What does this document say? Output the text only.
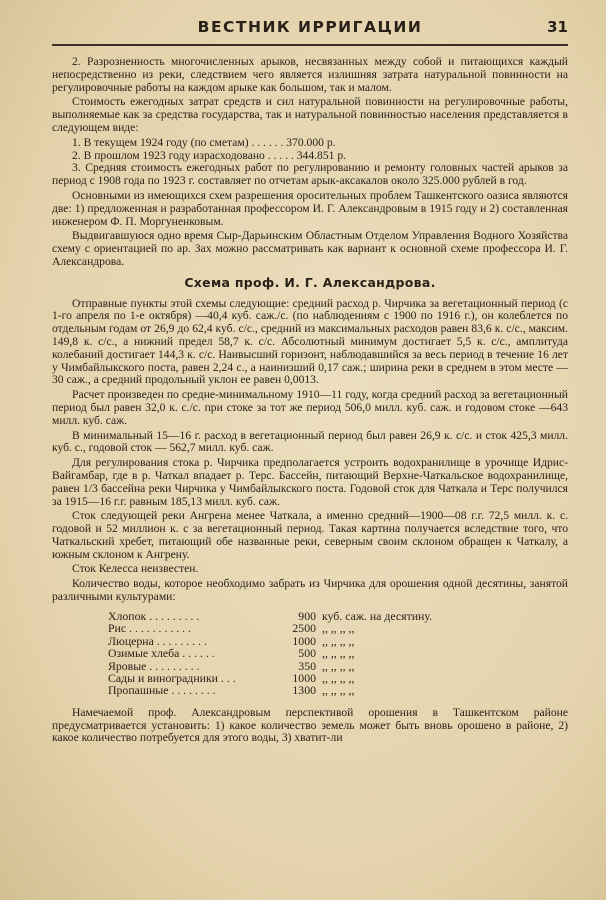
ВЕСТНИК ИРРИГАЦИИ	31

2. Разрозненность многочисленных арыков, несвязанных между собой и питающихся каждый непосредственно из реки, следствием чего является излишняя затрата натуральной повинности на регулировочные работы на каждом арыке как большом, так и малом.

Стоимость ежегодных затрат средств и сил натуральной повинности на регулировочные работы, выполняемые как за средства государства, так и натуральной повинностью населения представляется в следующем виде:

1. В текущем 1924 году (по сметам) . . . . . . 370.000 р.
2. В прошлом 1923 году израсходовано . . . . . 344.851 р.

3. Средняя стоимость ежегодных работ по регулированию и ремонту головных частей арыков за период с 1908 года по 1923 г. составляет по отчетам арык-аксакалов около 325.000 рублей в год.

Основными из имеющихся схем разрешения оросительных проблем Ташкентского оазиса являются две: 1) предложенная и разработанная профессором И. Г. Александровым в 1915 году и 2) составленная инженером Ф. П. Моргуненковым.

Выдвигавшуюся одно время Сыр-Дарьинским Областным Отделом Управления Водного Хозяйства схему с ориентацией по ар. Зах можно рассматривать как вариант к основной схеме профессора И. Г. Александрова.

Схема проф. И. Г. Александрова.

Отправные пункты этой схемы следующие: средний расход р. Чирчика за вегетационный период (с 1-го апреля по 1-е октября) —40,4 куб. саж./с. (по наблюдениям с 1900 по 1916 г.), он колеблется по отдельным годам от 26,9 до 62,4 куб. с/с., средний из максимальных расходов равен 83,6 к. с/с., максим. 149,8 к. с/с., а нижний предел 58,7 к. с/с. Абсолютный минимум достигает 5,5 к. с/с., амплитуда колебаний достигает 144,3 к. с/с. Наивысший горизонт, наблюдавшийся за весь период в течение 16 лет у Чимбайлыкского поста, равен 2,24 с., а наинизший 0,17 саж.; ширина реки в среднем в этом месте —30 саж., а средний продольный уклон ее равен 0,0013.

Расчет произведен по средне-минимальному 1910—11 году, когда средний расход за вегетационный период был равен 32,0 к. с./с. при стоке за тот же период 506,0 милл. куб. саж. и годовом стоке —643 милл. куб. саж.

В минимальный 15—16 г. расход в вегетационный период был равен 26,9 к. с/с. и сток 425,3 милл. куб. с., годовой сток — 562,7 милл. куб. саж.

Для регулирования стока р. Чирчика предполагается устроить водохранилище в урочище Идрис-Вайгамбар, где в р. Чаткал впадает р. Терс. Бассейн, питающий Верхне-Чаткальское водохранилище, равен 1/3 бассейна реки Чирчика у Чимбайлыкского поста. Годовой сток для Чаткала и Терс получился за 1915—16 г.г. равным 185,13 милл. куб. саж.

Сток следующей реки Ангрена менее Чаткала, а именно средний—1900—08 г.г. 72,5 милл. к. с. годовой и 52 миллион к. с за вегетационный период. Такая картина получается вследствие того, что Чаткальский хребет, питающий обе названные реки, северным своим склоном обращен к Чаткалу, а южным склоном к Ангрену.

Сток Келесса неизвестен.

Количество воды, которое необходимо забрать из Чирчика для орошения одной десятины, занятой различными культурами:

Хлопок . . . . . . . . .	900	куб. саж. на десятину.
Рис . . . . . . . . . . .	2500	,, ,, ,, ,,
Люцерна . . . . . . . . .	1000	,, ,, ,, ,,
Озимые хлеба . . . . . .	500	,, ,, ,, ,,
Яровые . . . . . . . . .	350	,, ,, ,, ,,
Сады и виноградники . . .	1000	,, ,, ,, ,,
Пропашные . . . . . . . .	1300	,, ,, ,, ,,

Намечаемой проф. Александровым перспективой орошения в Ташкентском районе предусматривается установить: 1) какое количество земель может быть вновь орошено в районе, 2) какое количество потребуется для этого воды, 3) хватит-ли
